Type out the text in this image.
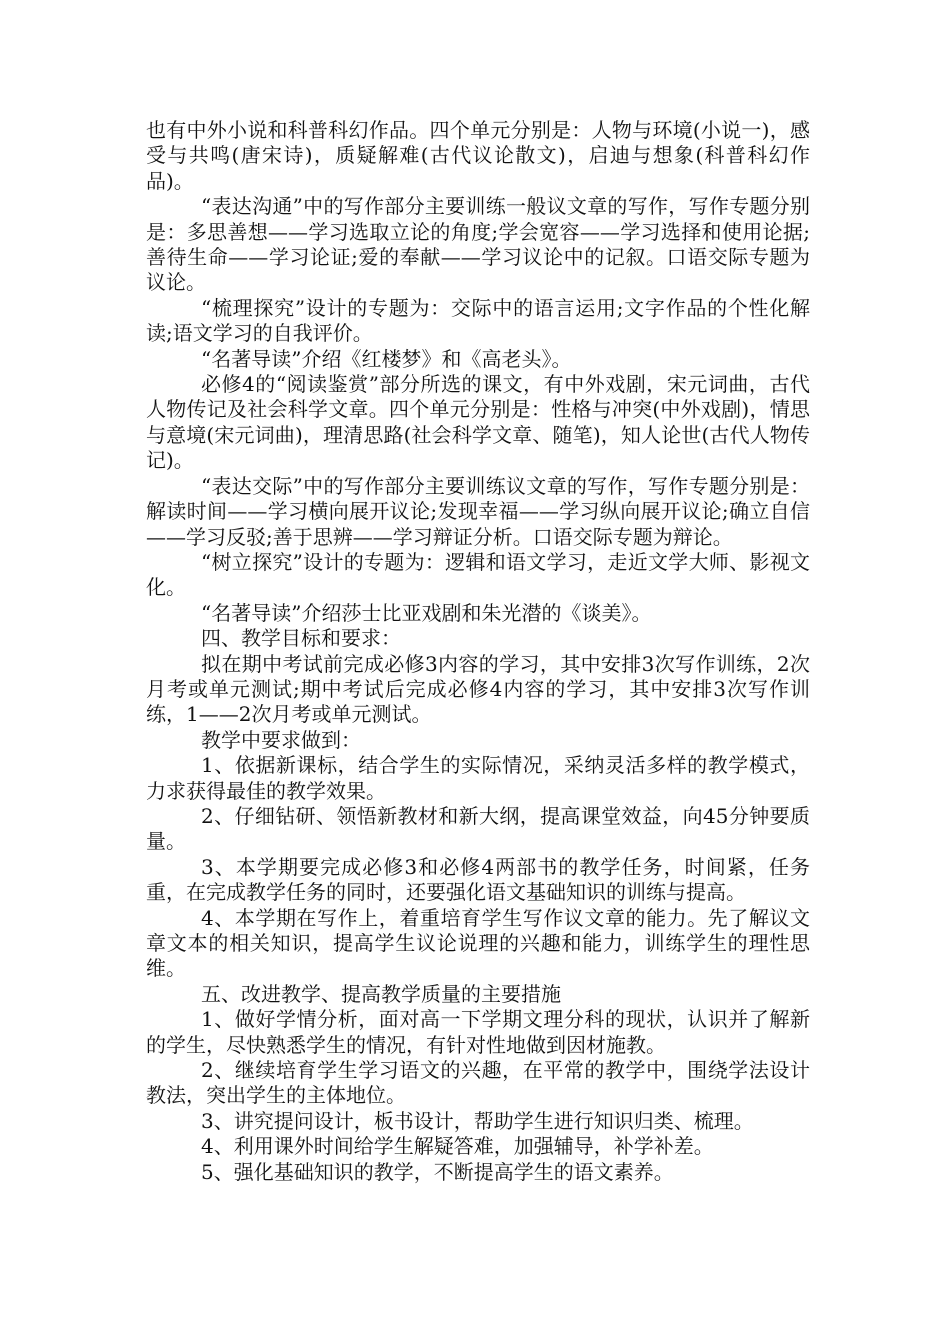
也有中外小说和科普科幻作品。四个单元分别是：人物与环境(小说一)，感受与共鸣(唐宋诗)，质疑解难(古代议论散文)，启迪与想象(科普科幻作品)。

“表达沟通”中的写作部分主要训练一般议文章的写作，写作专题分别是：多思善想——学习选取立论的角度;学会宽容——学习选择和使用论据;善待生命——学习论证;爱的奉献——学习议论中的记叙。口语交际专题为议论。

“梳理探究”设计的专题为：交际中的语言运用;文字作品的个性化解读;语文学习的自我评价。

“名著导读”介绍《红楼梦》和《高老头》。

必修4的“阅读鉴赏”部分所选的课文，有中外戏剧，宋元词曲，古代人物传记及社会科学文章。四个单元分别是：性格与冲突(中外戏剧)，情思与意境(宋元词曲)，理清思路(社会科学文章、随笔)，知人论世(古代人物传记)。

“表达交际”中的写作部分主要训练议文章的写作，写作专题分别是：解读时间——学习横向展开议论;发现幸福——学习纵向展开议论;确立自信——学习反驳;善于思辨——学习辩证分析。口语交际专题为辩论。

“树立探究”设计的专题为：逻辑和语文学习，走近文学大师、影视文化。

“名著导读”介绍莎士比亚戏剧和朱光潜的《谈美》。

四、教学目标和要求：

拟在期中考试前完成必修3内容的学习，其中安排3次写作训练，2次月考或单元测试;期中考试后完成必修4内容的学习，其中安排3次写作训练，1——2次月考或单元测试。

教学中要求做到：

1、依据新课标，结合学生的实际情况，采纳灵活多样的教学模式，力求获得最佳的教学效果。

2、仔细钻研、领悟新教材和新大纲，提高课堂效益，向45分钟要质量。

3、本学期要完成必修3和必修4两部书的教学任务，时间紧，任务重，在完成教学任务的同时，还要强化语文基础知识的训练与提高。

4、本学期在写作上，着重培育学生写作议文章的能力。先了解议文章文本的相关知识，提高学生议论说理的兴趣和能力，训练学生的理性思维。

五、改进教学、提高教学质量的主要措施

1、做好学情分析，面对高一下学期文理分科的现状，认识并了解新的学生，尽快熟悉学生的情况，有针对性地做到因材施教。

2、继续培育学生学习语文的兴趣，在平常的教学中，围绕学法设计教法，突出学生的主体地位。

3、讲究提问设计，板书设计，帮助学生进行知识归类、梳理。

4、利用课外时间给学生解疑答难，加强辅导，补学补差。

5、强化基础知识的教学，不断提高学生的语文素养。
